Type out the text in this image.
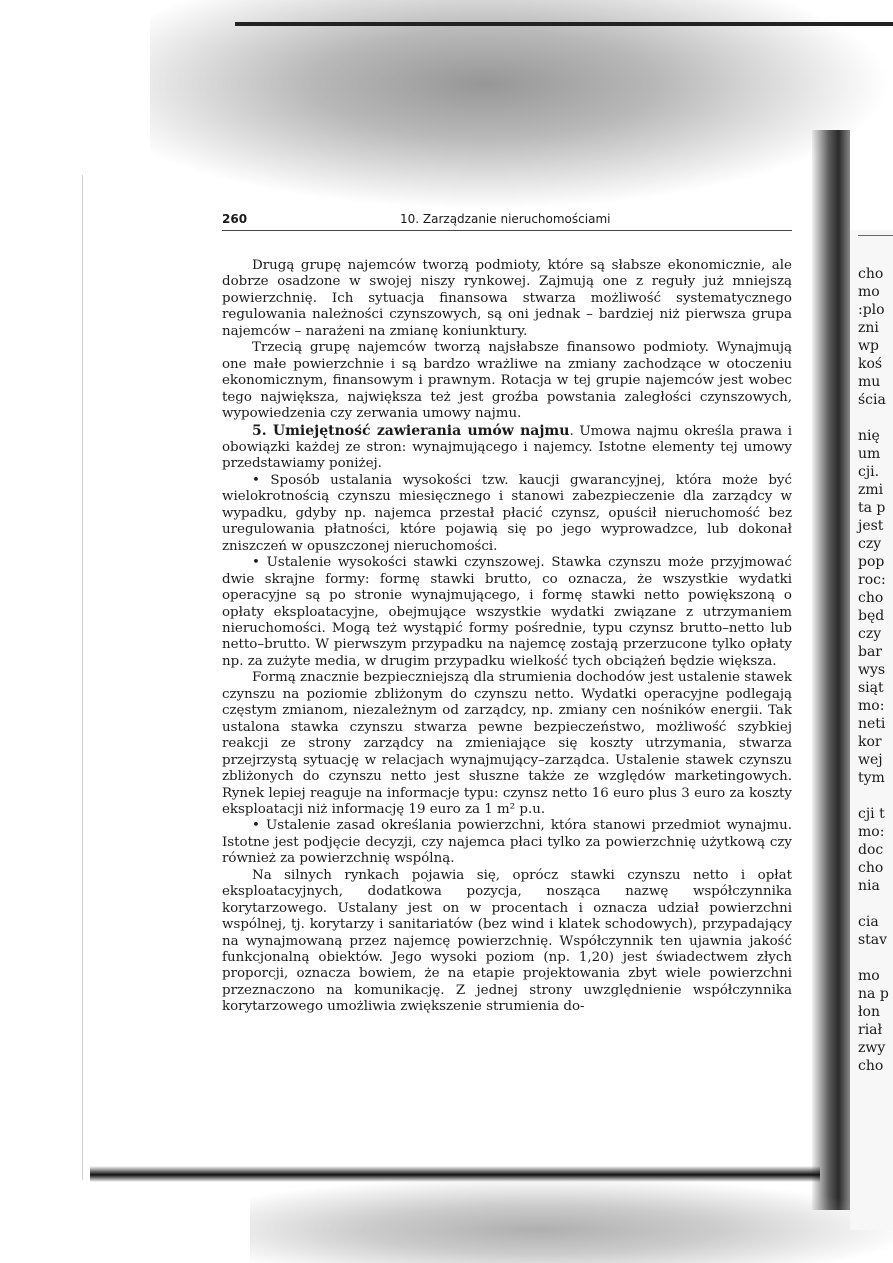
260	10. Zarządzanie nieruchomościami

Drugą grupę najemców tworzą podmioty, które są słabsze ekonomicznie, ale dobrze osadzone w swojej niszy rynkowej. Zajmują one z reguły już mniejszą powierzchnię. Ich sytuacja finansowa stwarza możliwość systematycznego regulowania należności czynszowych, są oni jednak – bardziej niż pierwsza grupa najemców – narażeni na zmianę koniunktury.

Trzecią grupę najemców tworzą najsłabsze finansowo podmioty. Wynajmują one małe powierzchnie i są bardzo wrażliwe na zmiany zachodzące w otoczeniu ekonomicznym, finansowym i prawnym. Rotacja w tej grupie najemców jest wobec tego największa, największa też jest groźba powstania zaległości czynszowych, wypowiedzenia czy zerwania umowy najmu.

5. Umiejętność zawierania umów najmu. Umowa najmu określa prawa i obowiązki każdej ze stron: wynajmującego i najemcy. Istotne elementy tej umowy przedstawiamy poniżej.

• Sposób ustalania wysokości tzw. kaucji gwarancyjnej, która może być wielokrotnością czynszu miesięcznego i stanowi zabezpieczenie dla zarządcy w wypadku, gdyby np. najemca przestał płacić czynsz, opuścił nieruchomość bez uregulowania płatności, które pojawią się po jego wyprowadzce, lub dokonał zniszczeń w opuszczonej nieruchomości.

• Ustalenie wysokości stawki czynszowej. Stawka czynszu może przyjmować dwie skrajne formy: formę stawki brutto, co oznacza, że wszystkie wydatki operacyjne są po stronie wynajmującego, i formę stawki netto powiększoną o opłaty eksploatacyjne, obejmujące wszystkie wydatki związane z utrzymaniem nieruchomości. Mogą też wystąpić formy pośrednie, typu czynsz brutto–netto lub netto–brutto. W pierwszym przypadku na najemcę zostają przerzucone tylko opłaty np. za zużyte media, w drugim przypadku wielkość tych obciążeń będzie większa.

Formą znacznie bezpieczniejszą dla strumienia dochodów jest ustalenie stawek czynszu na poziomie zbliżonym do czynszu netto. Wydatki operacyjne podlegają częstym zmianom, niezależnym od zarządcy, np. zmiany cen nośników energii. Tak ustalona stawka czynszu stwarza pewne bezpieczeństwo, możliwość szybkiej reakcji ze strony zarządcy na zmieniające się koszty utrzymania, stwarza przejrzystą sytuację w relacjach wynajmujący–zarządca. Ustalenie stawek czynszu zbliżonych do czynszu netto jest słuszne także ze względów marketingowych. Rynek lepiej reaguje na informacje typu: czynsz netto 16 euro plus 3 euro za koszty eksploatacji niż informację 19 euro za 1 m² p.u.

• Ustalenie zasad określania powierzchni, która stanowi przedmiot wynajmu. Istotne jest podjęcie decyzji, czy najemca płaci tylko za powierzchnię użytkową czy również za powierzchnię wspólną.

Na silnych rynkach pojawia się, oprócz stawki czynszu netto i opłat eksploatacyjnych, dodatkowa pozycja, nosząca nazwę współczynnika korytarzowego. Ustalany jest on w procentach i oznacza udział powierzchni wspólnej, tj. korytarzy i sanitariatów (bez wind i klatek schodowych), przypadający na wynajmowaną przez najemcę powierzchnię. Współczynnik ten ujawnia jakość funkcjonalną obiektów. Jego wysoki poziom (np. 1,20) jest świadectwem złych proporcji, oznacza bowiem, że na etapie projektowania zbyt wiele powierzchni przeznaczono na komunikację. Z jednej strony uwzględnienie współczynnika korytarzowego umożliwia zwiększenie strumienia do-

cho
mo
:plo
zni
wp
koś
mu
ścia
nię
um
cji.
zmi
ta p
jest
czy
pop
roc:
cho
będ
czy
bar
wys
siąt
mo:
neti
kor
wej
tym
cji t
mo:
doc
cho
nia
cia
stav
mo
na p
łon
riał
zwy
cho
